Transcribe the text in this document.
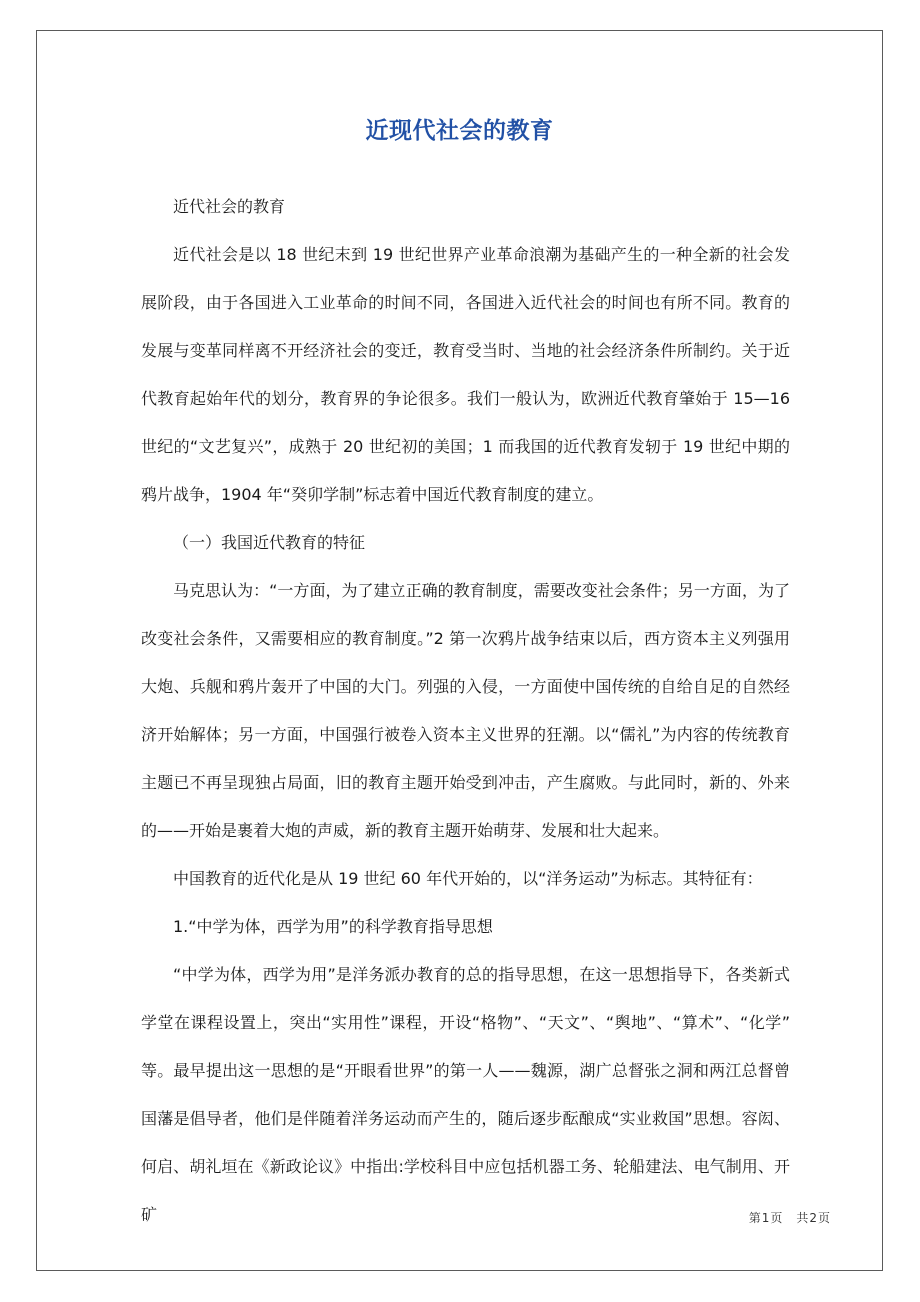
近现代社会的教育

近代社会的教育

近代社会是以 18 世纪末到 19 世纪世界产业革命浪潮为基础产生的一种全新的社会发展阶段，由于各国进入工业革命的时间不同，各国进入近代社会的时间也有所不同。教育的发展与变革同样离不开经济社会的变迁，教育受当时、当地的社会经济条件所制约。关于近代教育起始年代的划分，教育界的争论很多。我们一般认为，欧洲近代教育肇始于 15—16 世纪的“文艺复兴”，成熟于 20 世纪初的美国；1 而我国的近代教育发轫于 19 世纪中期的鸦片战争，1904 年“癸卯学制”标志着中国近代教育制度的建立。

（一）我国近代教育的特征

马克思认为：“一方面，为了建立正确的教育制度，需要改变社会条件；另一方面，为了改变社会条件，又需要相应的教育制度。”2 第一次鸦片战争结束以后，西方资本主义列强用大炮、兵舰和鸦片轰开了中国的大门。列强的入侵，一方面使中国传统的自给自足的自然经济开始解体；另一方面，中国强行被卷入资本主义世界的狂潮。以“儒礼”为内容的传统教育主题已不再呈现独占局面，旧的教育主题开始受到冲击，产生腐败。与此同时，新的、外来的——开始是裹着大炮的声威，新的教育主题开始萌芽、发展和壮大起来。

中国教育的近代化是从 19 世纪 60 年代开始的，以“洋务运动”为标志。其特征有：

1.“中学为体，西学为用”的科学教育指导思想

“中学为体，西学为用”是洋务派办教育的总的指导思想，在这一思想指导下，各类新式学堂在课程设置上，突出“实用性”课程，开设“格物”、“天文”、“舆地”、“算术”、“化学”等。最早提出这一思想的是“开眼看世界”的第一人——魏源，湖广总督张之洞和两江总督曾国藩是倡导者，他们是伴随着洋务运动而产生的，随后逐步酝酿成“实业救国”思想。容闳、何启、胡礼垣在《新政论议》中指出:学校科目中应包括机器工务、轮船建法、电气制用、开矿	第1页　共2页
